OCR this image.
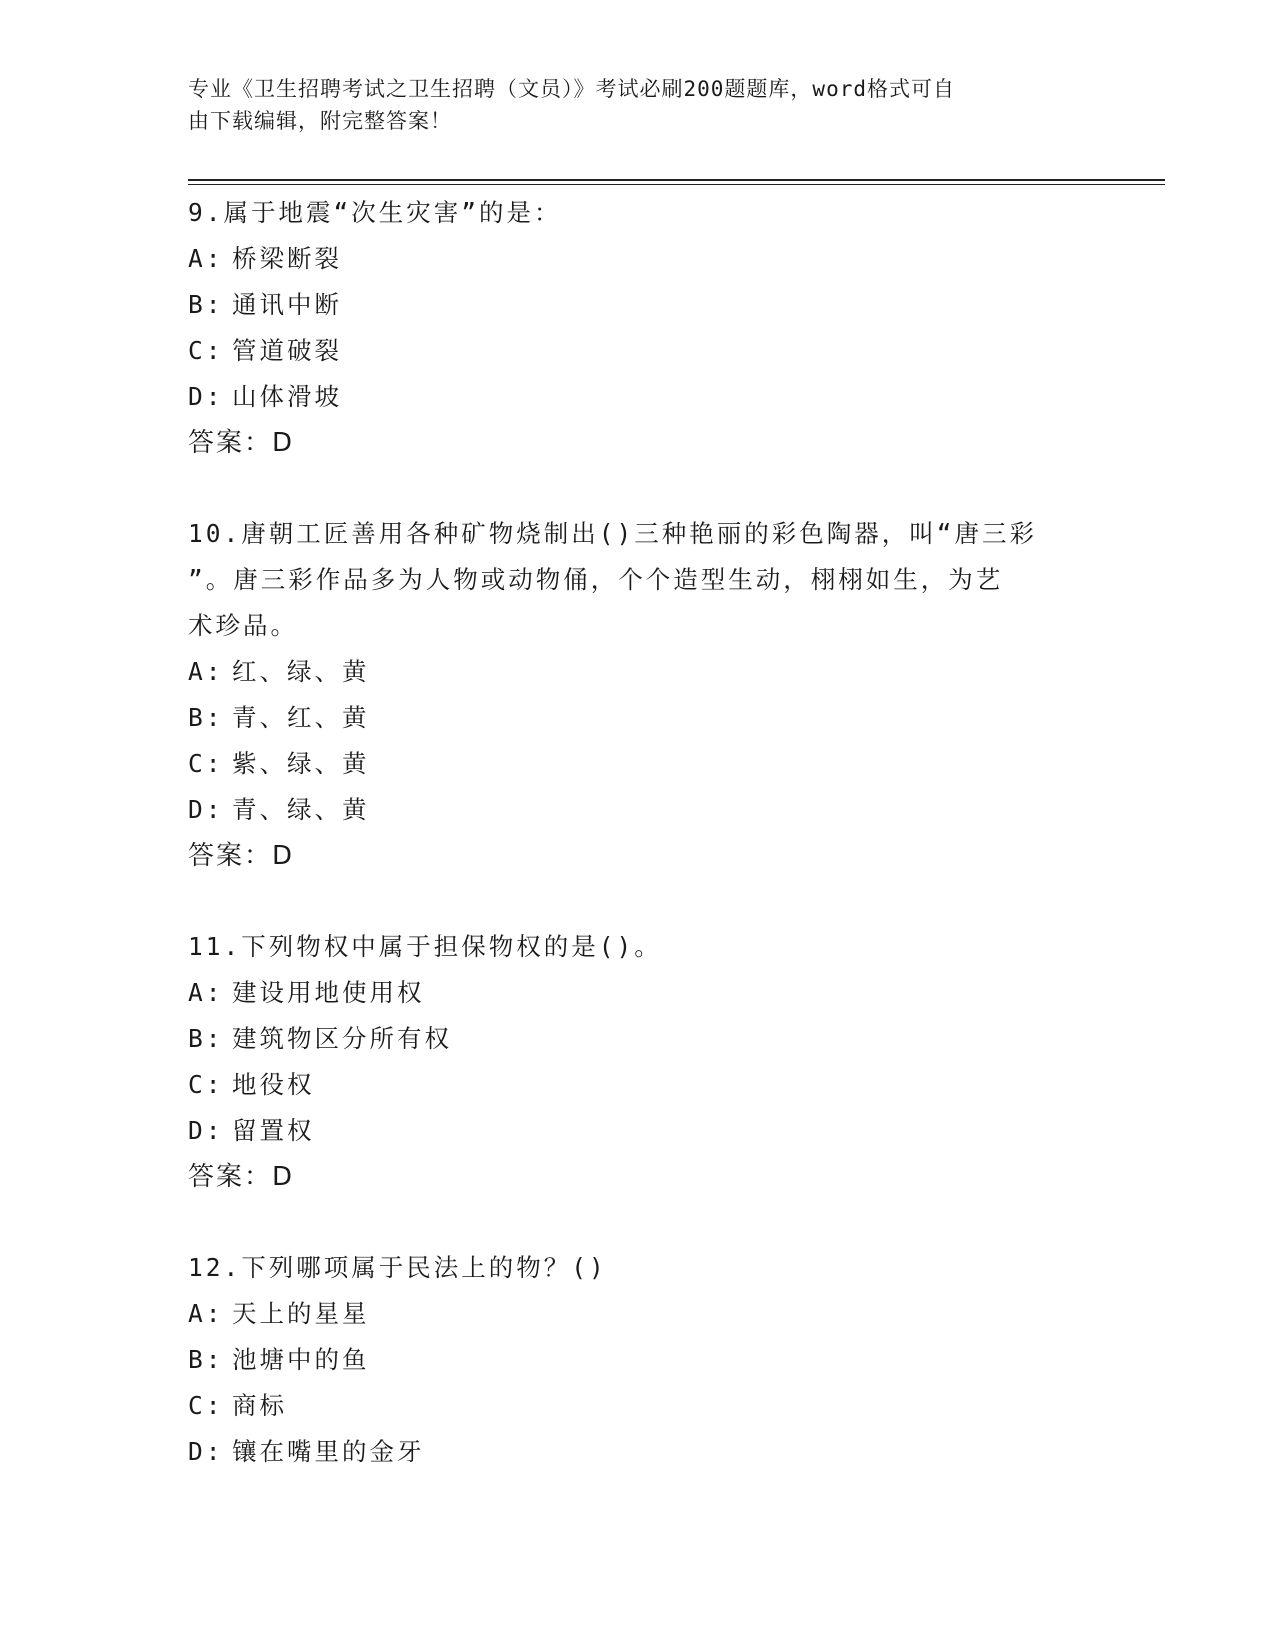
专业《卫生招聘考试之卫生招聘（文员）》考试必刷200题题库，word格式可自
由下载编辑，附完整答案！
9.属于地震“次生灾害”的是：
A: 桥梁断裂
B: 通讯中断
C: 管道破裂
D: 山体滑坡
答案：D
10.唐朝工匠善用各种矿物烧制出()三种艳丽的彩色陶器，叫“唐三彩
”。唐三彩作品多为人物或动物俑，个个造型生动，栩栩如生，为艺
术珍品。
A: 红、绿、黄
B: 青、红、黄
C: 紫、绿、黄
D: 青、绿、黄
答案：D
11.下列物权中属于担保物权的是()。
A: 建设用地使用权
B: 建筑物区分所有权
C: 地役权
D: 留置权
答案：D
12.下列哪项属于民法上的物？()
A: 天上的星星
B: 池塘中的鱼
C: 商标
D: 镶在嘴里的金牙
